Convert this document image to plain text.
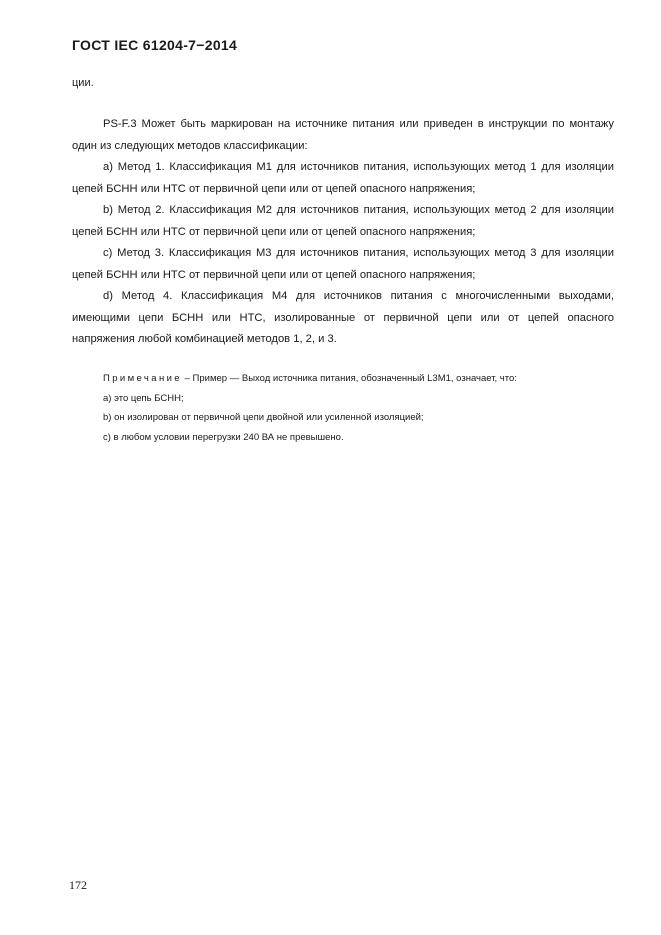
ГОСТ IEC 61204-7−2014
ции.

PS-F.3 Может быть маркирован на источнике питания или приведен в инструкции по монтажу один из следующих методов классификации:

а) Метод 1. Классификация М1 для источников питания, использующих метод 1 для изоляции цепей БСНН или НТС от первичной цепи или от цепей опасного напряжения;

b) Метод 2. Классификация М2 для источников питания, использующих метод 2 для изоляции цепей БСНН или НТС от первичной цепи или от цепей опасного напряжения;

с) Метод 3. Классификация М3 для источников питания, использующих метод 3 для изоляции цепей БСНН или НТС от первичной цепи или от цепей опасного напряжения;

d) Метод 4. Классификация М4 для источников питания с многочисленными выходами, имеющими цепи БСНН или НТС, изолированные от первичной цепи или от цепей опасного напряжения любой комбинацией методов 1, 2, и 3.

Примечание – Пример — Выход источника питания, обозначенный L3M1, означает, что:

а) это цепь БСНН;

b) он изолирован от первичной цепи двойной или усиленной изоляцией;

с) в любом условии перегрузки 240 ВА не превышено.

172
